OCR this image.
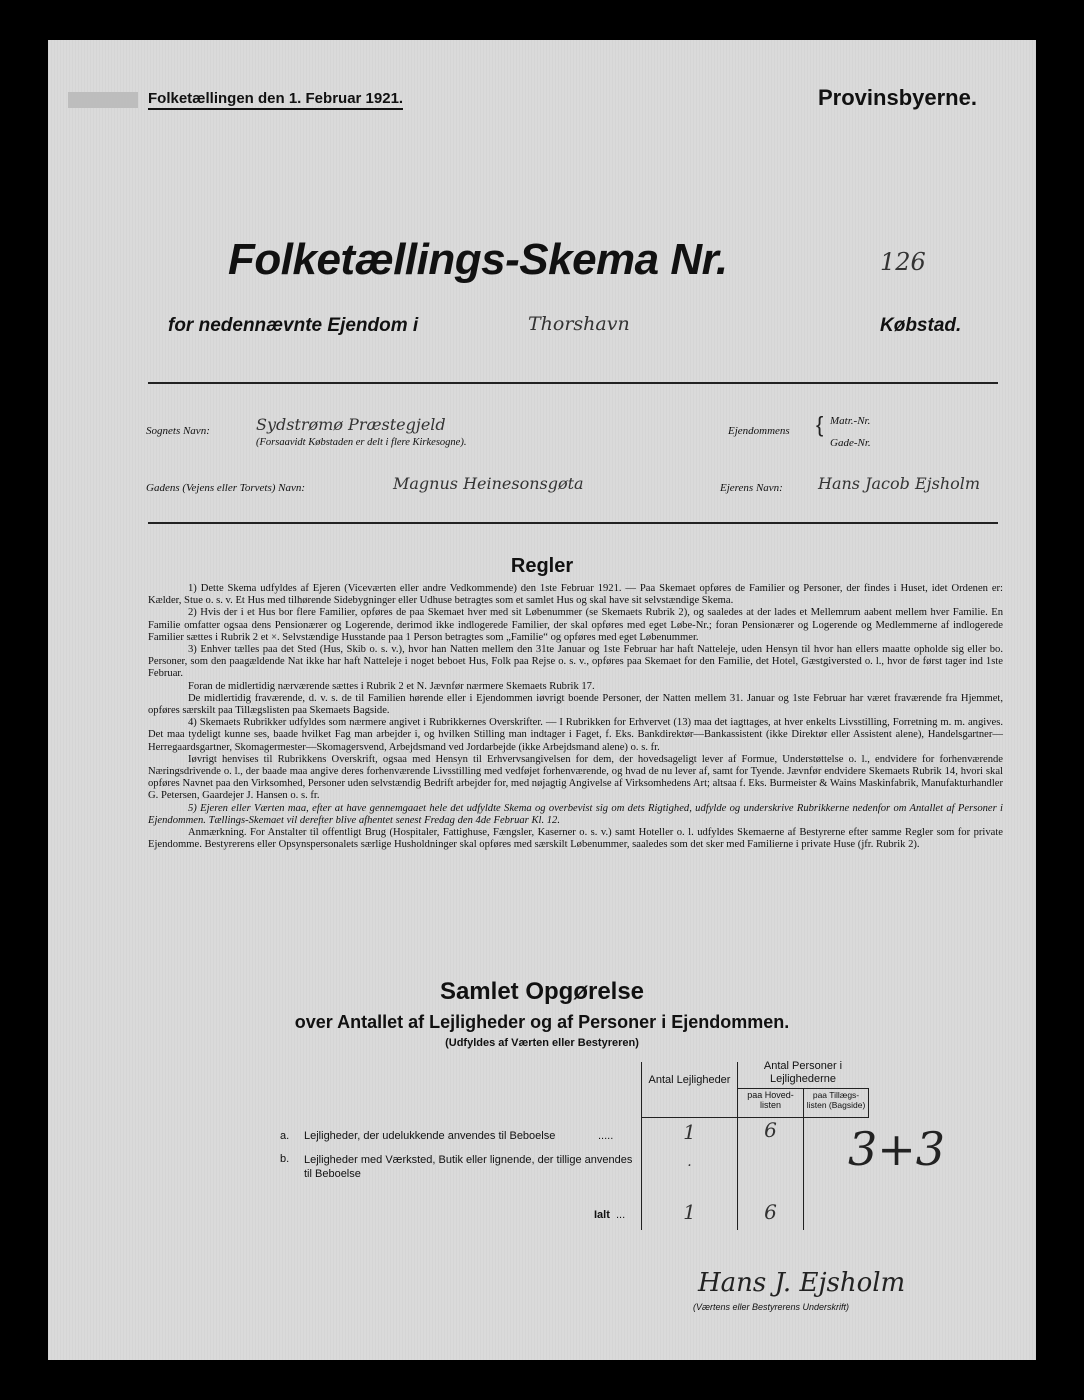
Folketællingen den 1. Februar 1921.	Provinsbyerne.
Folketællings-Skema Nr.	126
for nedennævnte Ejendom i	Thorshavn	Købstad.
Sognets Navn:	Sydstrømø Præstegjeld
(Forsaavidt Købstaden er delt i flere Kirkesogne).
Ejendommens { Matr.-Nr.
Gade-Nr.
Gadens (Vejens eller Torvets) Navn:	Magnus Heinesonsgøta	Ejerens Navn: Hans Jacob Ejsholm
Regler

1) Dette Skema udfyldes af Ejeren (Viceværten eller andre Vedkommende) den 1ste Februar 1921. — Paa Skemaet opføres de Familier og Personer, der findes i Huset, idet Ordenen er: Kælder, Stue o. s. v. Et Hus med tilhørende Sidebygninger eller Udhuse betragtes som et samlet Hus og skal have sit selvstændige Skema.

2) Hvis der i et Hus bor flere Familier, opføres de paa Skemaet hver med sit Løbenummer (se Skemaets Rubrik 2), og saaledes at der lades et Mellemrum aabent mellem hver Familie. En Familie omfatter ogsaa dens Pensionærer og Logerende, derimod ikke indlogerede Familier, der skal opføres med eget Løbe-Nr.; foran Pensionærer og Logerende og Medlemmerne af indlogerede Familier sættes i Rubrik 2 et ×. Selvstændige Husstande paa 1 Person betragtes som „Familie“ og opføres med eget Løbenummer.

3) Enhver tælles paa det Sted (Hus, Skib o. s. v.), hvor han Natten mellem den 31te Januar og 1ste Februar har haft Natteleje, uden Hensyn til hvor han ellers maatte opholde sig eller bo. Personer, som den paagældende Nat ikke har haft Natteleje i noget beboet Hus, Folk paa Rejse o. s. v., opføres paa Skemaet for den Familie, det Hotel, Gæstgiversted o. l., hvor de først tager ind 1ste Februar.

Foran de midlertidig nærværende sættes i Rubrik 2 et N. Jævnfør nærmere Skemaets Rubrik 17.

De midlertidig fraværende, d. v. s. de til Familien hørende eller i Ejendommen iøvrigt boende Personer, der Natten mellem 31. Januar og 1ste Februar har været fraværende fra Hjemmet, opføres særskilt paa Tillægslisten paa Skemaets Bagside.

4) Skemaets Rubrikker udfyldes som nærmere angivet i Rubrikkernes Overskrifter. — I Rubrikken for Erhvervet (13) maa det iagttages, at hver enkelts Livsstilling, Forretning m. m. angives. Det maa tydeligt kunne ses, baade hvilket Fag man arbejder i, og hvilken Stilling man indtager i Faget, f. Eks. Bankdirektør—Bankassistent (ikke Direktør eller Assistent alene), Handelsgartner—Herregaardsgartner, Skomagermester—Skomagersvend, Arbejdsmand ved Jordarbejde (ikke Arbejdsmand alene) o. s. fr.

Iøvrigt henvises til Rubrikkens Overskrift, ogsaa med Hensyn til Erhvervsangivelsen for dem, der hovedsageligt lever af Formue, Understøttelse o. l., endvidere for forhenværende Næringsdrivende o. l., der baade maa angive deres forhenværende Livsstilling med vedføjet forhenværende, og hvad de nu lever af, samt for Tyende. Jævnfør endvidere Skemaets Rubrik 14, hvori skal opføres Navnet paa den Virksomhed, Personer uden selvstændig Bedrift arbejder for, med nøjagtig Angivelse af Virksomhedens Art; altsaa f. Eks. Burmeister & Wains Maskinfabrik, Manufakturhandler G. Petersen, Gaardejer J. Hansen o. s. fr.

5) Ejeren eller Værten maa, efter at have gennemgaaet hele det udfyldte Skema og overbevist sig om dets Rigtighed, udfylde og underskrive Rubrikkerne nedenfor om Antallet af Personer i Ejendommen. Tællings-Skemaet vil derefter blive afhentet senest Fredag den 4de Februar Kl. 12.

Anmærkning. For Anstalter til offentligt Brug (Hospitaler, Fattighuse, Fængsler, Kaserner o. s. v.) samt Hoteller o. l. udfyldes Skemaerne af Bestyrerne efter samme Regler som for private Ejendomme. Bestyrerens eller Opsynspersonalets særlige Husholdninger skal opføres med særskilt Løbenummer, saaledes som det sker med Familierne i private Huse (jfr. Rubrik 2).

Samlet Opgørelse
over Antallet af Lejligheder og af Personer i Ejendommen.
(Udfyldes af Værten eller Bestyreren)
Antal Lejligheder
Antal Personer i Lejlighederne
paa Hoved-listen
paa Tillægs-listen (Bagside)
a. Lejligheder, der udelukkende anvendes til Beboelse	.....	1	6
b. Lejligheder med Værksted, Butik eller lignende, der tillige anvendes til Beboelse	·
Ialt ...	1	6
3+3
Hans J. Ejsholm
(Værtens eller Bestyrerens Underskrift)
